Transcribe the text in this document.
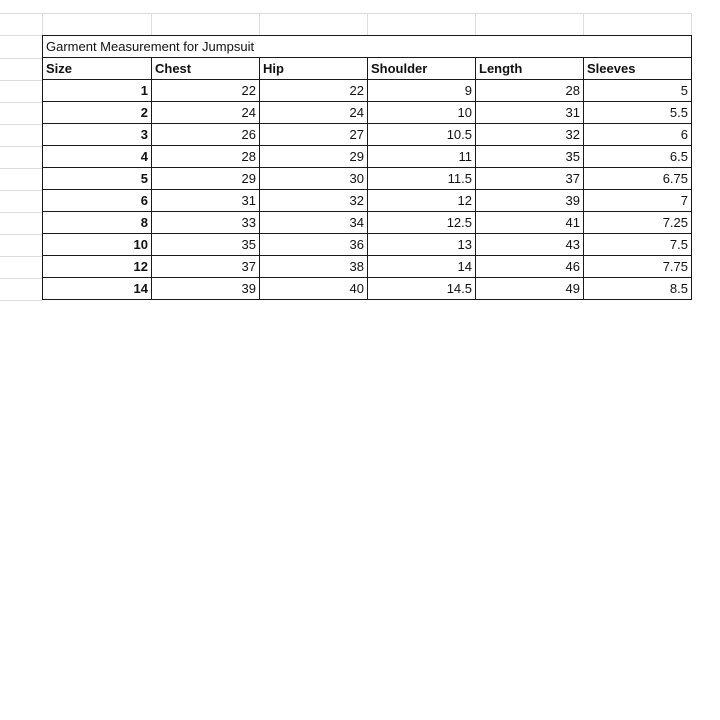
Garment Measurement for Jumpsuit					
Size	Chest	Hip	Shoulder	Length	Sleeves
1	22	22	9	28	5
2	24	24	10	31	5.5
3	26	27	10.5	32	6
4	28	29	11	35	6.5
5	29	30	11.5	37	6.75
6	31	32	12	39	7
8	33	34	12.5	41	7.25
10	35	36	13	43	7.5
12	37	38	14	46	7.75
14	39	40	14.5	49	8.5
